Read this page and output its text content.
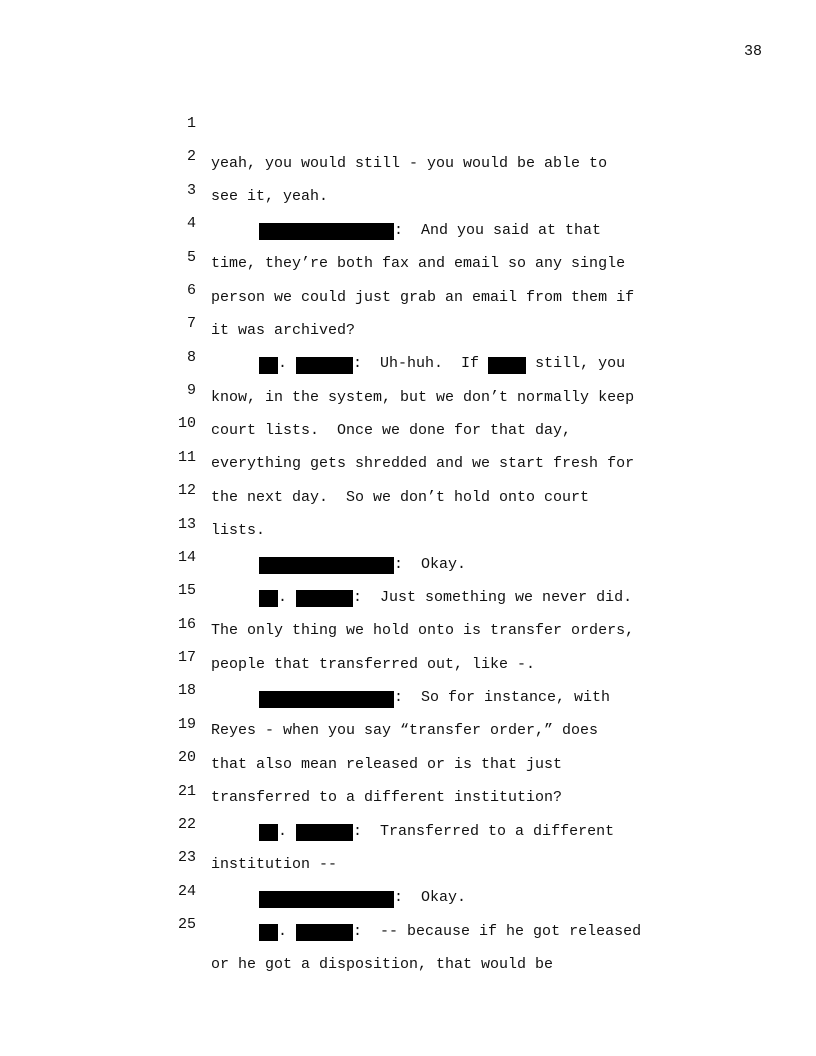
38

1

yeah, you would still - you would be able to

2

see it, yeah.

3

:  And you said at that

4

time, they’re both fax and email so any single

5

person we could just grab an email from them if

6

it was archived?

7

.
	:  Uh-huh.  If	still, you

8

know, in the system, but we don’t normally keep

9

court lists.  Once we done for that day,

10

everything gets shredded and we start fresh for

11

the next day.  So we don’t hold onto court

12

lists.

13

:  Okay.

14

.
	:  Just something we never did.

15

The only thing we hold onto is transfer orders,

16

people that transferred out, like -.

17

:  So for instance, with

18

Reyes - when you say “transfer order,” does

19

that also mean released or is that just

20

transferred to a different institution?

21

.
	:  Transferred to a different

22

institution --

23

:  Okay.

24

.
	:  -- because if he got released

25

or he got a disposition, that would be
